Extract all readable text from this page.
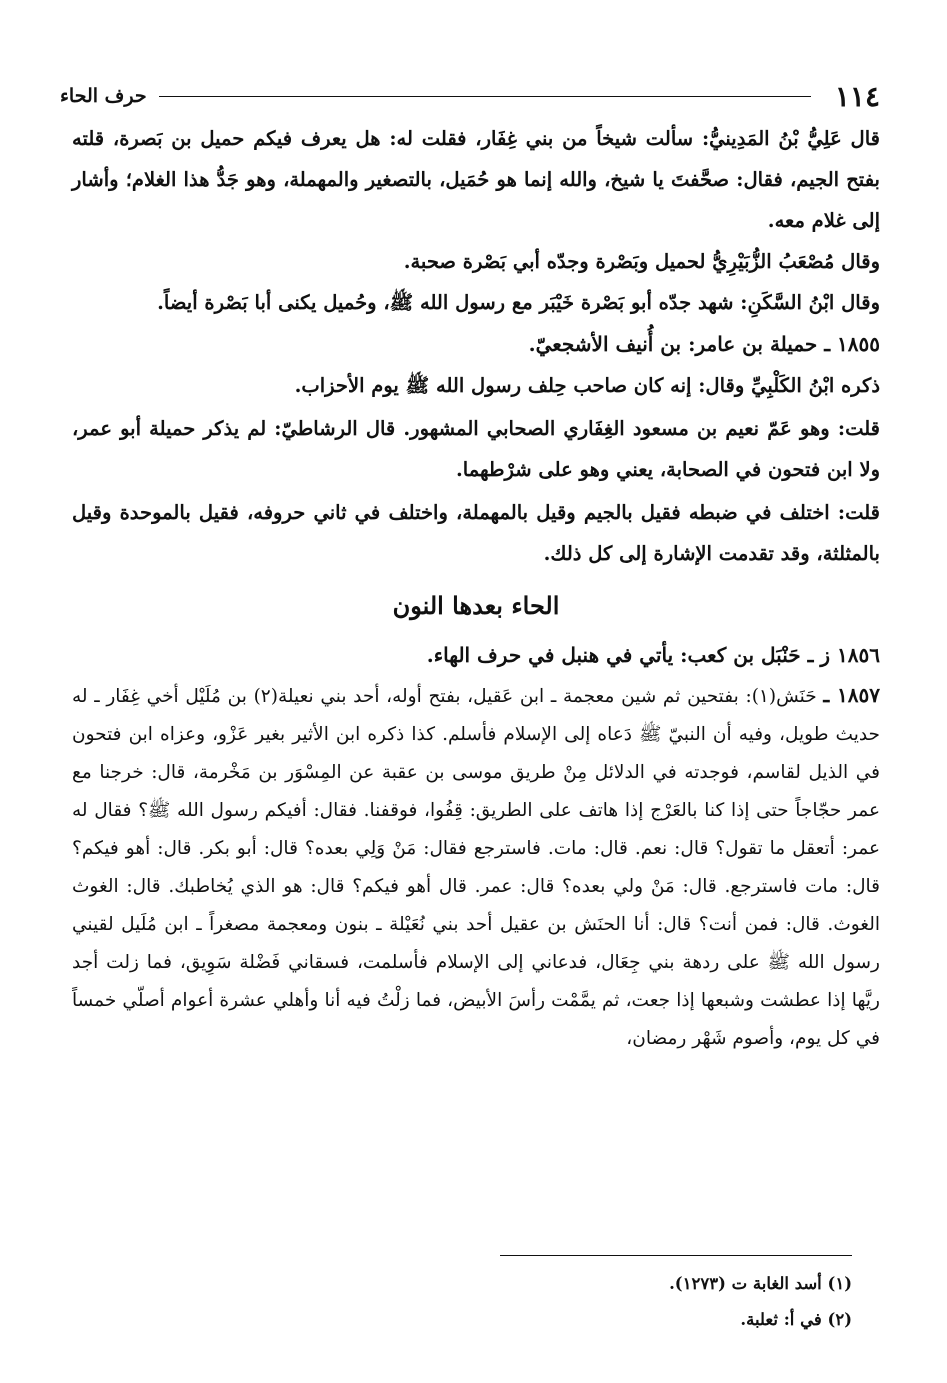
١١٤
حرف الحاء

قال عَلِيُّ بْنُ المَدِينيُّ: سألت شيخاً من بني غِفَار، فقلت له: هل يعرف فيكم حميل بن بَصرة، قلته بفتح الجيم، فقال: صحَّفتَ يا شيخ، والله إنما هو حُمَيل، بالتصغير والمهملة، وهو جَدُّ هذا الغلام؛ وأشار إلى غلام معه.

وقال مُصْعَبُ الزُّبَيْرِيُّ لحميل وبَصْرة وجدّه أبي بَصْرة صحبة.

وقال ابْنُ السَّكَنِ: شهد جدّه أبو بَصْرة خَيْبَر مع رسول الله ﷺ، وحُميل يكنى أبا بَصْرة أيضاً.

١٨٥٥ ـ حميلة بن عامر: بن أُنيف الأشجعيّ.

ذكره ابْنُ الكَلْبِيِّ وقال: إنه كان صاحب حِلف رسول الله ﷺ يوم الأحزاب.

قلت: وهو عَمّ نعيم بن مسعود الغِفَاري الصحابي المشهور. قال الرشاطيّ: لم يذكر حميلة أبو عمر، ولا ابن فتحون في الصحابة، يعني وهو على شرْطهما.

قلت: اختلف في ضبطه فقيل بالجيم وقيل بالمهملة، واختلف في ثاني حروفه، فقيل بالموحدة وقيل بالمثلثة، وقد تقدمت الإشارة إلى كل ذلك.

الحاء بعدها النون

١٨٥٦ ز ـ حَنْبَل بن كعب: يأتي في هنبل في حرف الهاء.

١٨٥٧ ـ حَنَش(١): بفتحين ثم شين معجمة ـ ابن عَقيل، بفتح أوله، أحد بني نعيلة(٢) بن مُلَيْل أخي غِفَار ـ له حديث طويل، وفيه أن النبيّ ﷺ دَعاه إلى الإسلام فأسلم. كذا ذكره ابن الأثير بغير عَزْو، وعزاه ابن فتحون في الذيل لقاسم، فوجدته في الدلائل مِنْ طريق موسى بن عقبة عن المِسْوَر بن مَخْرمة، قال: خرجنا مع عمر حجّاجاً حتى إذا كنا بالعَرْج إذا هاتف على الطريق: قِفُوا، فوقفنا. فقال: أفيكم رسول الله ﷺ؟ فقال له عمر: أتعقل ما تقول؟ قال: نعم. قال: مات. فاسترجع فقال: مَنْ وَلِي بعده؟ قال: أبو بكر. قال: أهو فيكم؟ قال: مات فاسترجع. قال: مَنْ ولي بعده؟ قال: عمر. قال أهو فيكم؟ قال: هو الذي يُخاطبك. قال: الغوث الغوث. قال: فمن أنت؟ قال: أنا الحنَش بن عقيل أحد بني نُعَيْلة ـ بنون ومعجمة مصغراً ـ ابن مُلَيل لقيني رسول الله ﷺ على ردهة بني جِعَال، فدعاني إلى الإسلام فأسلمت، فسقاني فَضْلة سَوِيق، فما زلت أجد ريَّها إذا عطشت وشبعها إذا جعت، ثم يمَّمْت رأسَ الأبيض، فما زلْتُ فيه أنا وأهلي عشرة أعوام أصلّي خمساً في كل يوم، وأصوم شَهْر رمضان،

(١) أسد الغابة ت (١٢٧٣).

(٢) في أ: ثعلبة.
